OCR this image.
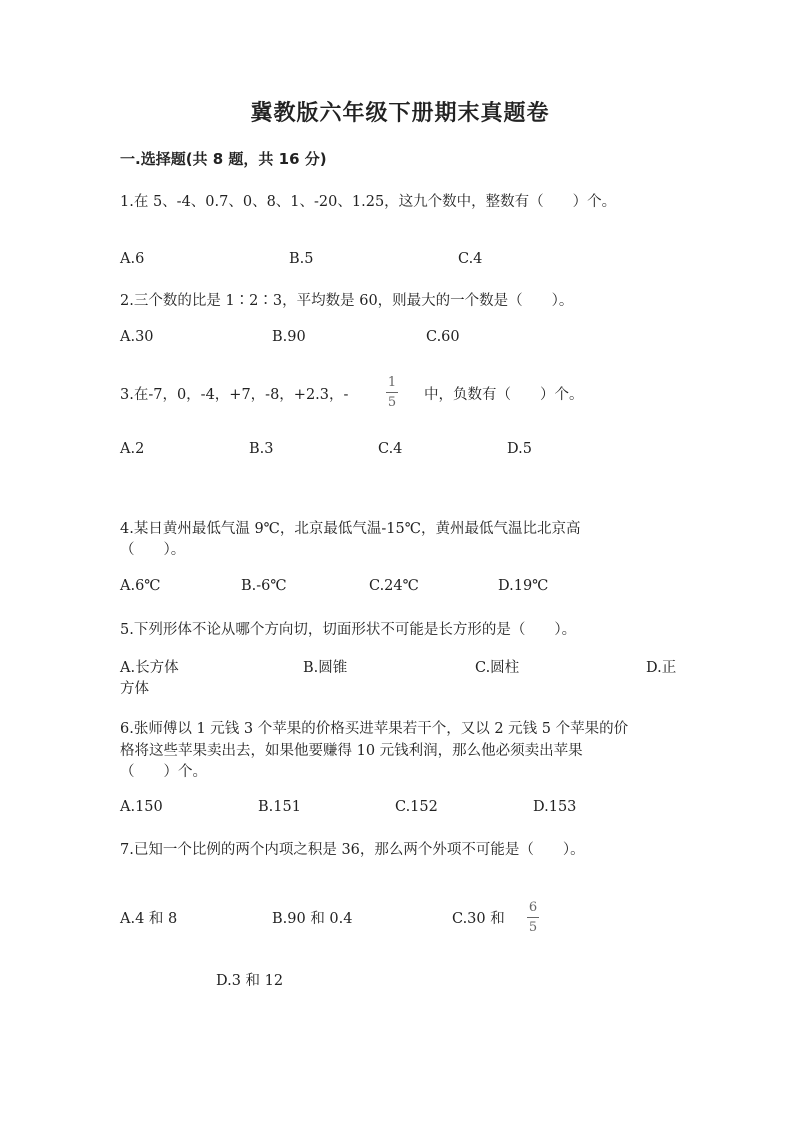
冀教版六年级下册期末真题卷
一.选择题(共 8 题，共 16 分)
1.在 5、-4、0.7、0、8、1、-20、1.25，这九个数中，整数有（　　）个。
A.6	B.5	C.4
2.三个数的比是 1∶2∶3，平均数是 60，则最大的一个数是（　　）。
A.30	B.90	C.60
3.在-7，0，-4，+7，-8，+2.3，-
1
5 中，负数有（　　）个。
A.2	B.3	C.4	D.5
4.某日黄州最低气温 9℃，北京最低气温-15℃，黄州最低气温比北京高
（　　）。
A.6℃	B.-6℃	C.24℃	D.19℃
5.下列形体不论从哪个方向切，切面形状不可能是长方形的是（　　）。
A.长方体	B.圆锥	C.圆柱	D.正
方体
6.张师傅以 1 元钱 3 个苹果的价格买进苹果若干个，又以 2 元钱 5 个苹果的价
格将这些苹果卖出去，如果他要赚得 10 元钱利润，那么他必须卖出苹果
（　　）个。
A.150	B.151	C.152	D.153
7.已知一个比例的两个内项之积是 36，那么两个外项不可能是（　　）。
A.4 和 8	B.90 和 0.4	C.30 和
6
5
D.3 和 12
